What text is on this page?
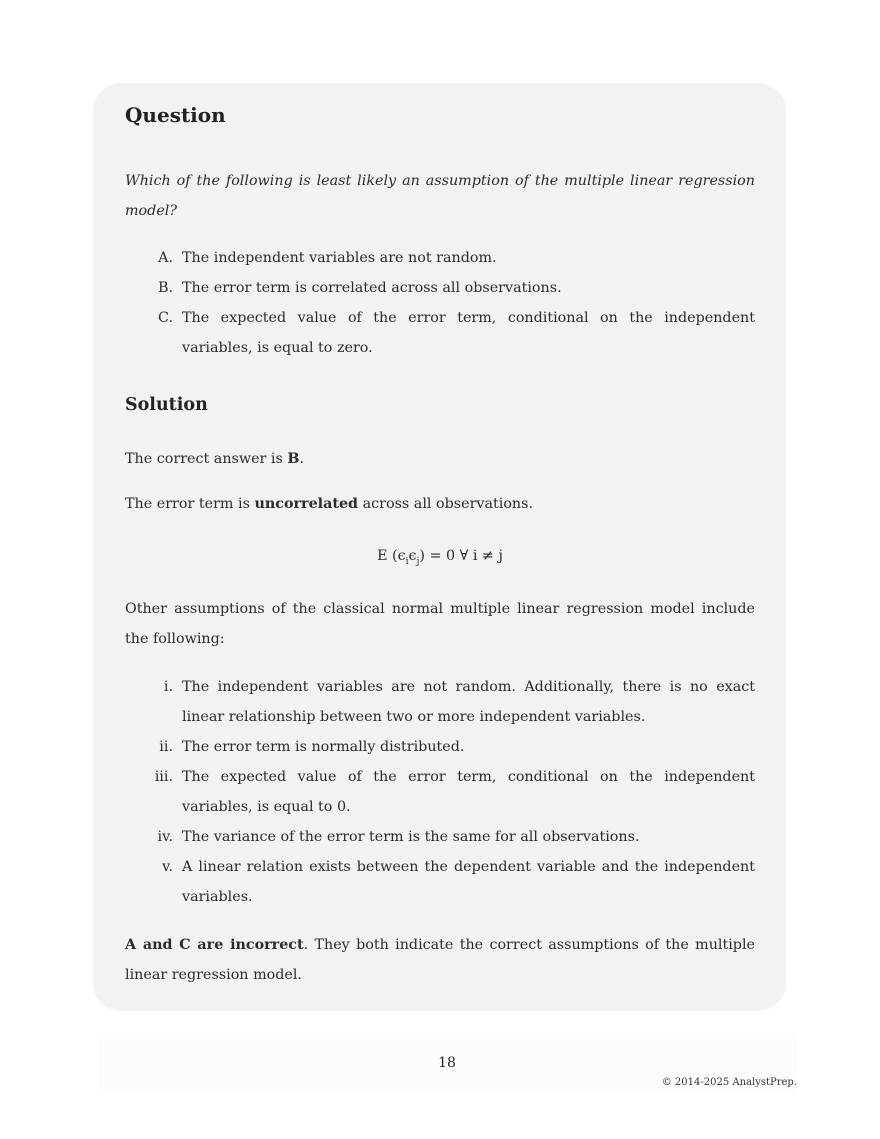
Question
Which of the following is least likely an assumption of the multiple linear regression model?
A. The independent variables are not random.
B. The error term is correlated across all observations.
C. The expected value of the error term, conditional on the independent variables, is equal to zero.
Solution
The correct answer is B.
The error term is uncorrelated across all observations.
E $(\epsilon_i\epsilon_j) = 0$ ∀ i ≠ j
Other assumptions of the classical normal multiple linear regression model include the following:
i. The independent variables are not random. Additionally, there is no exact linear relationship between two or more independent variables.
ii. The error term is normally distributed.
iii. The expected value of the error term, conditional on the independent variables, is equal to 0.
iv. The variance of the error term is the same for all observations.
v. A linear relation exists between the dependent variable and the independent variables.
A and C are incorrect. They both indicate the correct assumptions of the multiple linear regression model.
18
© 2014-2025 AnalystPrep.
